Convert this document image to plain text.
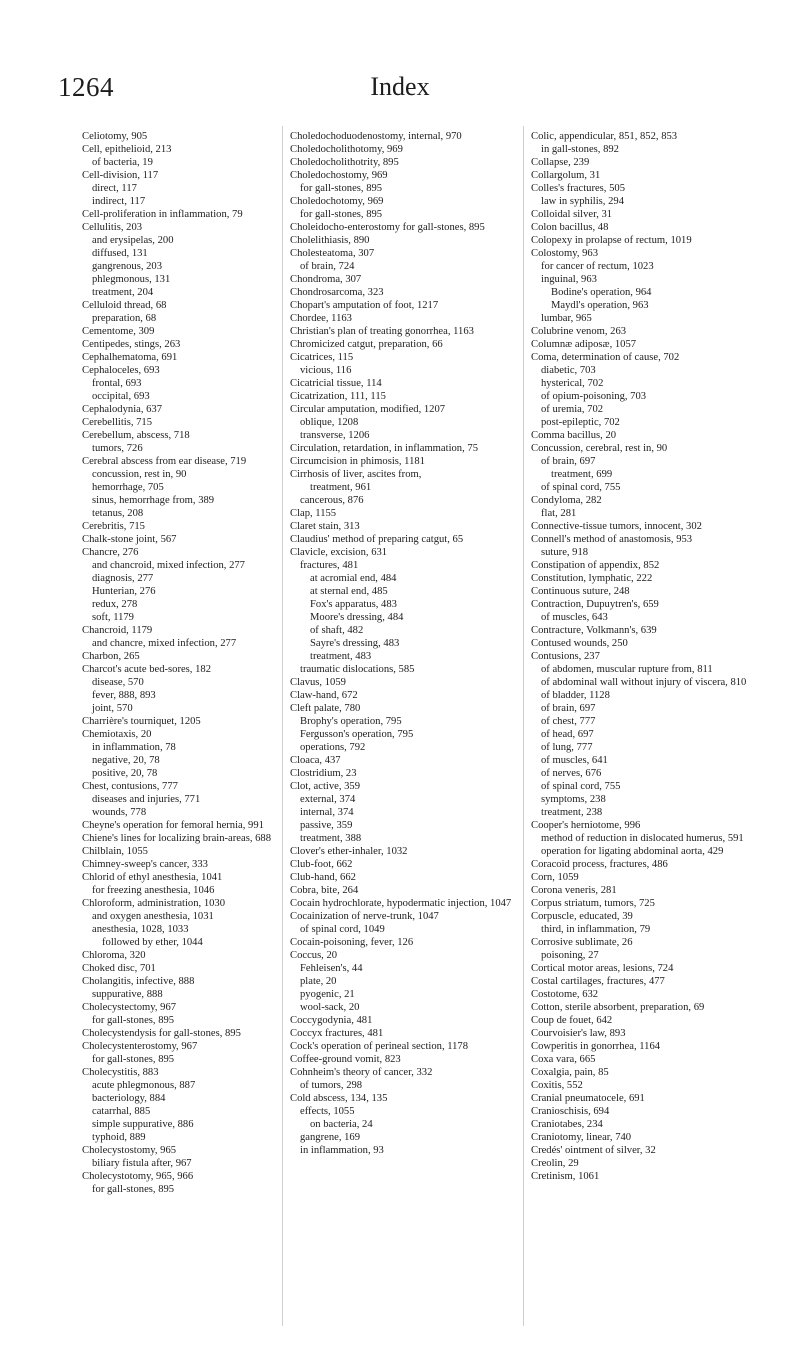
1264	Index
Celiotomy, 905
Cell, epithelioid, 213
of bacteria, 19
Cell-division, 117
direct, 117
indirect, 117
Cell-proliferation in inflammation, 79
Cellulitis, 203
and erysipelas, 200
diffused, 131
gangrenous, 203
phlegmonous, 131
treatment, 204
Celluloid thread, 68
preparation, 68
Cementome, 309
Centipedes, stings, 263
Cephalhematoma, 691
Cephaloceles, 693
frontal, 693
occipital, 693
Cephalodynia, 637
Cerebellitis, 715
Cerebellum, abscess, 718
tumors, 726
Cerebral abscess from ear disease, 719
concussion, rest in, 90
hemorrhage, 705
sinus, hemorrhage from, 389
tetanus, 208
Cerebritis, 715
Chalk-stone joint, 567
Chancre, 276
and chancroid, mixed infection, 277
diagnosis, 277
Hunterian, 276
redux, 278
soft, 1179
Chancroid, 1179
and chancre, mixed infection, 277
Charbon, 265
Charcot's acute bed-sores, 182
disease, 570
fever, 888, 893
joint, 570
Charrière's tourniquet, 1205
Chemiotaxis, 20
in inflammation, 78
negative, 20, 78
positive, 20, 78
Chest, contusions, 777
diseases and injuries, 771
wounds, 778
Cheyne's operation for femoral hernia, 991
Chiene's lines for localizing brain-areas, 688
Chilblain, 1055
Chimney-sweep's cancer, 333
Chlorid of ethyl anesthesia, 1041
for freezing anesthesia, 1046
Chloroform, administration, 1030
and oxygen anesthesia, 1031
anesthesia, 1028, 1033
followed by ether, 1044
Chloroma, 320
Choked disc, 701
Cholangitis, infective, 888
suppurative, 888
Cholecystectomy, 967
for gall-stones, 895
Cholecystendysis for gall-stones, 895
Cholecystenterostomy, 967
for gall-stones, 895
Cholecystitis, 883
acute phlegmonous, 887
bacteriology, 884
catarrhal, 885
simple suppurative, 886
typhoid, 889
Cholecystostomy, 965
biliary fistula after, 967
Cholecystotomy, 965, 966
for gall-stones, 895
Choledochoduodenostomy, internal, 970
Choledocholithotomy, 969
Choledocholithotrity, 895
Choledochostomy, 969
for gall-stones, 895
Choledochotomy, 969
for gall-stones, 895
Choleidocho-enterostomy for gall-stones, 895
Cholelithiasis, 890
Cholesteatoma, 307
of brain, 724
Chondroma, 307
Chondrosarcoma, 323
Chopart's amputation of foot, 1217
Chordee, 1163
Christian's plan of treating gonorrhea, 1163
Chromicized catgut, preparation, 66
Cicatrices, 115
vicious, 116
Cicatricial tissue, 114
Cicatrization, 111, 115
Circular amputation, modified, 1207
oblique, 1208
transverse, 1206
Circulation, retardation, in inflammation, 75
Circumcision in phimosis, 1181
Cirrhosis of liver, ascites from,
treatment, 961
cancerous, 876
Clap, 1155
Claret stain, 313
Claudius' method of preparing catgut, 65
Clavicle, excision, 631
fractures, 481
at acromial end, 484
at sternal end, 485
Fox's apparatus, 483
Moore's dressing, 484
of shaft, 482
Sayre's dressing, 483
treatment, 483
traumatic dislocations, 585
Clavus, 1059
Claw-hand, 672
Cleft palate, 780
Brophy's operation, 795
Fergusson's operation, 795
operations, 792
Cloaca, 437
Clostridium, 23
Clot, active, 359
external, 374
internal, 374
passive, 359
treatment, 388
Clover's ether-inhaler, 1032
Club-foot, 662
Club-hand, 662
Cobra, bite, 264
Cocain hydrochlorate, hypodermatic injection, 1047
Cocainization of nerve-trunk, 1047
of spinal cord, 1049
Cocain-poisoning, fever, 126
Coccus, 20
Fehleisen's, 44
plate, 20
pyogenic, 21
wool-sack, 20
Coccygodynia, 481
Coccyx fractures, 481
Cock's operation of perineal section, 1178
Coffee-ground vomit, 823
Cohnheim's theory of cancer, 332
of tumors, 298
Cold abscess, 134, 135
effects, 1055
on bacteria, 24
gangrene, 169
in inflammation, 93
Colic, appendicular, 851, 852, 853
in gall-stones, 892
Collapse, 239
Collargolum, 31
Colles's fractures, 505
law in syphilis, 294
Colloidal silver, 31
Colon bacillus, 48
Colopexy in prolapse of rectum, 1019
Colostomy, 963
for cancer of rectum, 1023
inguinal, 963
Bodine's operation, 964
Maydl's operation, 963
lumbar, 965
Colubrine venom, 263
Columnæ adiposæ, 1057
Coma, determination of cause, 702
diabetic, 703
hysterical, 702
of opium-poisoning, 703
of uremia, 702
post-epileptic, 702
Comma bacillus, 20
Concussion, cerebral, rest in, 90
of brain, 697
treatment, 699
of spinal cord, 755
Condyloma, 282
flat, 281
Connective-tissue tumors, innocent, 302
Connell's method of anastomosis, 953
suture, 918
Constipation of appendix, 852
Constitution, lymphatic, 222
Continuous suture, 248
Contraction, Dupuytren's, 659
of muscles, 643
Contracture, Volkmann's, 639
Contused wounds, 250
Contusions, 237
of abdomen, muscular rupture from, 811
of abdominal wall without injury of viscera, 810
of bladder, 1128
of brain, 697
of chest, 777
of head, 697
of lung, 777
of muscles, 641
of nerves, 676
of spinal cord, 755
symptoms, 238
treatment, 238
Cooper's herniotome, 996
method of reduction in dislocated humerus, 591
operation for ligating abdominal aorta, 429
Coracoid process, fractures, 486
Corn, 1059
Corona veneris, 281
Corpus striatum, tumors, 725
Corpuscle, educated, 39
third, in inflammation, 79
Corrosive sublimate, 26
poisoning, 27
Cortical motor areas, lesions, 724
Costal cartilages, fractures, 477
Costotome, 632
Cotton, sterile absorbent, preparation, 69
Coup de fouet, 642
Courvoisier's law, 893
Cowperitis in gonorrhea, 1164
Coxa vara, 665
Coxalgia, pain, 85
Coxitis, 552
Cranial pneumatocele, 691
Cranioschisis, 694
Craniotabes, 234
Craniotomy, linear, 740
Credés' ointment of silver, 32
Creolin, 29
Cretinism, 1061
